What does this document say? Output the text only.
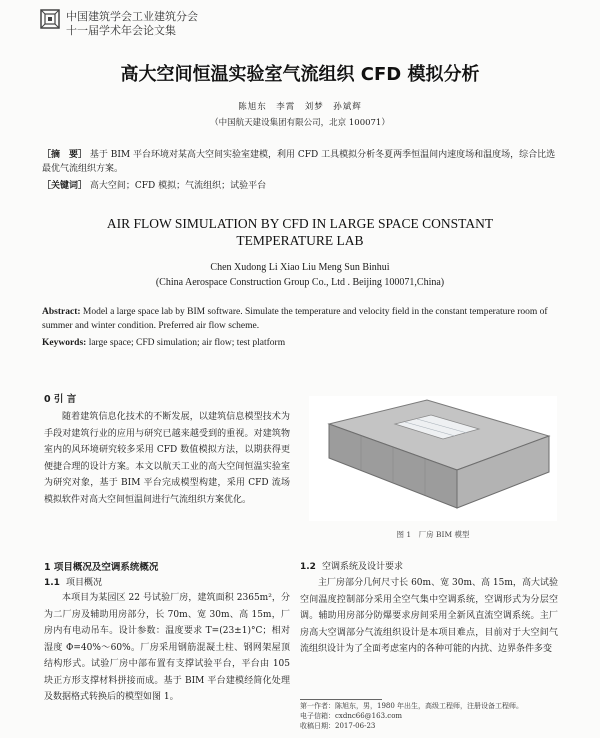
中国建筑学会工业建筑分会
十一届学术年会论文集
高大空间恒温实验室气流组织 CFD 模拟分析
陈旭东　李霄　刘梦　孙斌辉
（中国航天建设集团有限公司，北京 100071）
［摘　要］ 基于 BIM 平台环境对某高大空间实验室建模，利用 CFD 工具模拟分析冬夏两季恒温间内速度场和温度场，综合比选最优气流组织方案。
［关键词］ 高大空间；CFD 模拟；气流组织；试验平台
AIR FLOW SIMULATION BY CFD IN LARGE SPACE CONSTANT
TEMPERATURE LAB
Chen Xudong Li Xiao Liu Meng Sun Binhui
(China Aerospace Construction Group Co., Ltd . Beijing 100071,China)
Abstract: Model a large space lab by BIM software. Simulate the temperature and velocity field in the constant temperature room of summer and winter condition. Preferred air flow scheme.
Keywords: large space; CFD simulation; air flow; test platform
0 引 言
随着建筑信息化技术的不断发展，以建筑信息模型技术为手段对建筑行业的应用与研究已越来越受到的重视。对建筑物室内的风环境研究较多采用 CFD 数值模拟方法，以期获得更便捷合理的设计方案。本文以航天工业的高大空间恒温实验室为研究对象，基于 BIM 平台完成模型构建，采用 CFD 流场模拟软件对高大空间恒温间进行气流组织方案优化。
图 1　厂房 BIM 模型
1 项目概况及空调系统概况
1.1 项目概况
本项目为某园区 22 号试验厂房，建筑面积 2365m²，分为二厂房及辅助用房部分，长 70m、宽 30m、高 15m，厂房内有电动吊车。设计参数：温度要求 T=(23±1)°C；相对湿度 Φ=40%～60%。厂房采用钢筋混凝土柱、钢网架屋顶结构形式。试验厂房中部布置有支撑试验平台，平台由 105 块正方形支撑材料拼接而成。基于 BIM 平台建模经简化处理及数据格式转换后的模型如图 1。
1.2 空调系统及设计要求
主厂房部分几何尺寸长 60m、宽 30m、高 15m，高大试验空间温度控制部分采用全空气集中空调系统，空调形式为分层空调。辅助用房部分防爆要求房间采用全新风直流空调系统。主厂房高大空调部分气流组织设计是本项目难点，目前对于大空间气流组织设计为了全面考虑室内的各种可能的内扰、边界条件多变
第一作者：陈旭东，男，1980 年出生，高级工程师，注册设备工程师。
电子信箱：cxdnc66@163.com
收稿日期：2017-06-23
